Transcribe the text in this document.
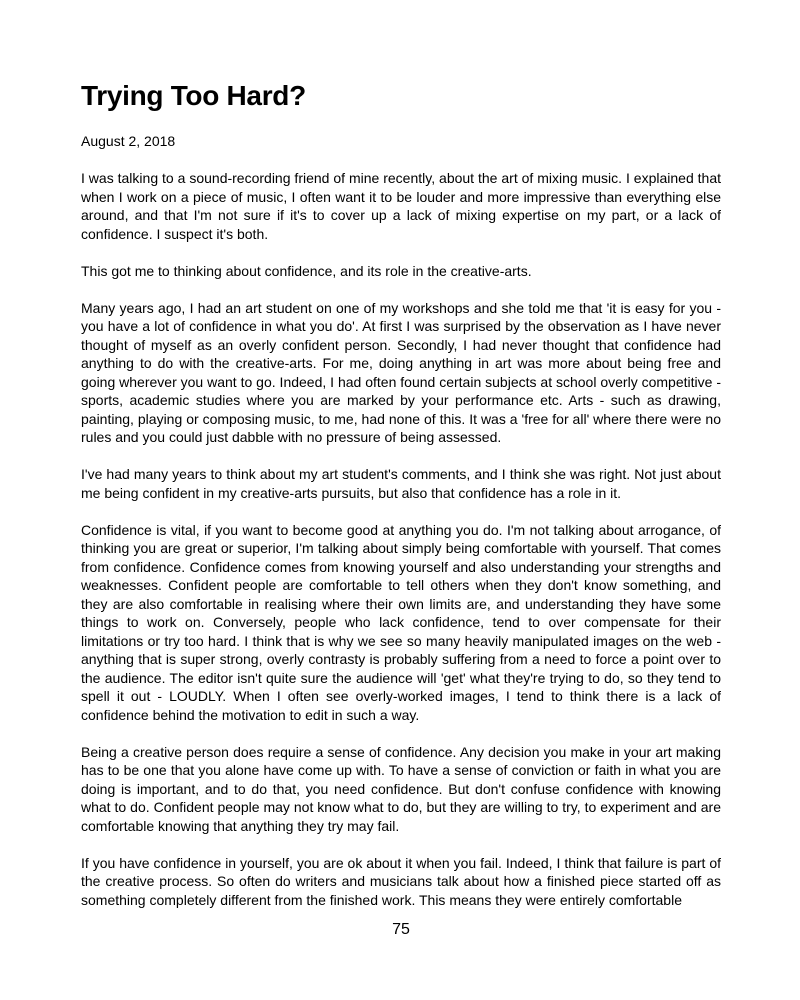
Trying Too Hard?
August 2, 2018

I was talking to a sound-recording friend of mine recently, about the art of mixing music. I explained that when I work on a piece of music, I often want it to be louder and more impressive than everything else around, and that I'm not sure if it's to cover up a lack of mixing expertise on my part, or a lack of confidence. I suspect it's both.

This got me to thinking about confidence, and its role in the creative-arts.

Many years ago, I had an art student on one of my workshops and she told me that 'it is easy for you - you have a lot of confidence in what you do'. At first I was surprised by the observation as I have never thought of myself as an overly confident person. Secondly, I had never thought that confidence had anything to do with the creative-arts. For me, doing anything in art was more about being free and going wherever you want to go. Indeed, I had often found certain subjects at school overly competitive - sports, academic studies where you are marked by your performance etc. Arts - such as drawing, painting, playing or composing music, to me, had none of this. It was a 'free for all' where there were no rules and you could just dabble with no pressure of being assessed.

I've had many years to think about my art student's comments, and I think she was right. Not just about me being confident in my creative-arts pursuits, but also that confidence has a role in it.

Confidence is vital, if you want to become good at anything you do. I'm not talking about arrogance, of thinking you are great or superior, I'm talking about simply being comfortable with yourself. That comes from confidence. Confidence comes from knowing yourself and also understanding your strengths and weaknesses. Confident people are comfortable to tell others when they don't know something, and they are also comfortable in realising where their own limits are, and understanding they have some things to work on. Conversely, people who lack confidence, tend to over compensate for their limitations or try too hard. I think that is why we see so many heavily manipulated images on the web - anything that is super strong, overly contrasty is probably suffering from a need to force a point over to the audience. The editor isn't quite sure the audience will 'get' what they're trying to do, so they tend to spell it out - LOUDLY. When I often see overly-worked images, I tend to think there is a lack of confidence behind the motivation to edit in such a way.

Being a creative person does require a sense of confidence. Any decision you make in your art making has to be one that you alone have come up with. To have a sense of conviction or faith in what you are doing is important, and to do that, you need confidence. But don't confuse confidence with knowing what to do. Confident people may not know what to do, but they are willing to try, to experiment and are comfortable knowing that anything they try may fail.

If you have confidence in yourself, you are ok about it when you fail. Indeed, I think that failure is part of the creative process. So often do writers and musicians talk about how a finished piece started off as something completely different from the finished work. This means they were entirely comfortable

75
